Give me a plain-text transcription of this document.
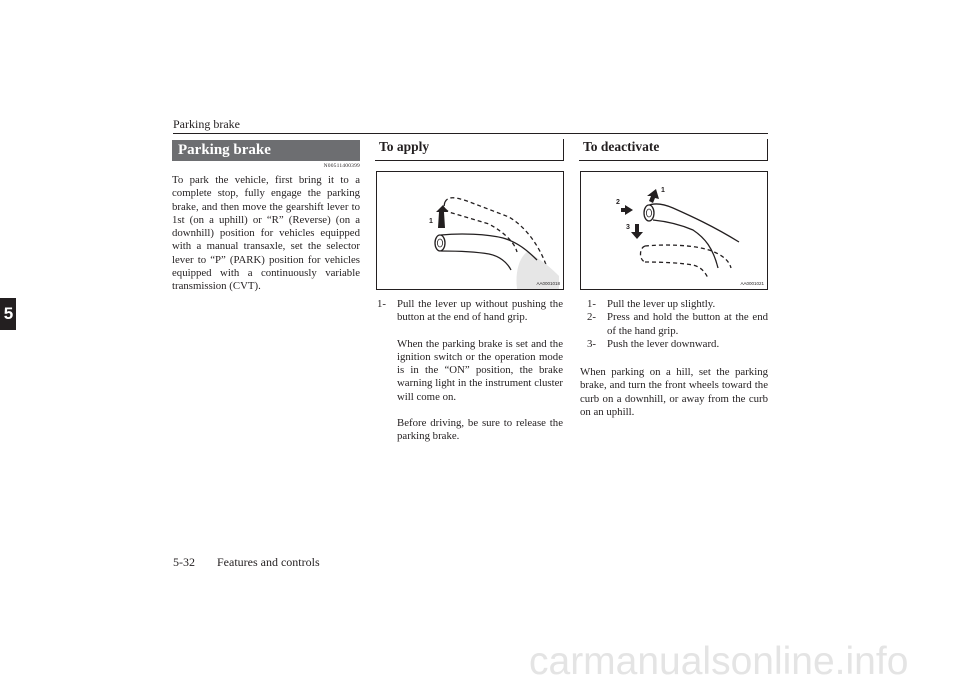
Parking brake
5
Parking brake
N00511400399
To park the vehicle, first bring it to a complete stop, fully engage the parking brake, and then move the gearshift lever to 1st (on a uphill) or “R” (Reverse) (on a downhill) position for vehicles equipped with a manual transaxle, set the selector lever to “P” (PARK) position for vehicles equipped with a continuously variable transmission (CVT).
To apply
1
AA0001018
1- Pull the lever up without pushing the button at the end of hand grip.
When the parking brake is set and the ignition switch or the operation mode is in the “ON” position, the brake warning light in the instrument cluster will come on.
Before driving, be sure to release the parking brake.
To deactivate
1
2
3
AA0001021
1- Pull the lever up slightly.
2- Press and hold the button at the end of the hand grip.
3- Push the lever downward.
When parking on a hill, set the parking brake, and turn the front wheels toward the curb on a downhill, or away from the curb on an uphill.
5-32 Features and controls
carmanualsonline.info
